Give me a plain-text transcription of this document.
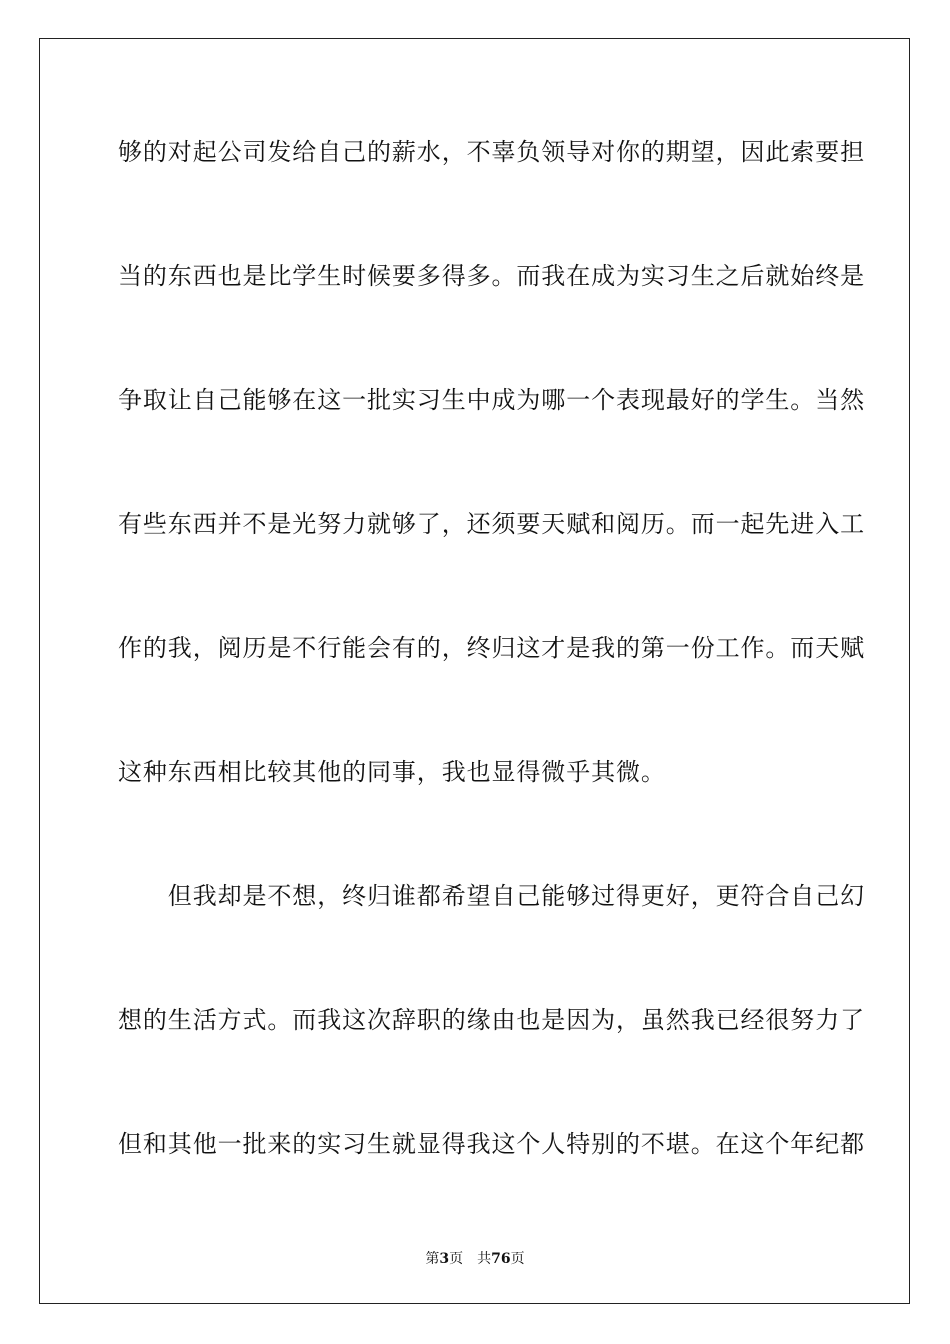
够的对起公司发给自己的薪水，不辜负领导对你的期望，因此索要担
当的东西也是比学生时候要多得多。而我在成为实习生之后就始终是
争取让自己能够在这一批实习生中成为哪一个表现最好的学生。当然
有些东西并不是光努力就够了，还须要天赋和阅历。而一起先进入工
作的我，阅历是不行能会有的，终归这才是我的第一份工作。而天赋
这种东西相比较其他的同事，我也显得微乎其微。
　　但我却是不想，终归谁都希望自己能够过得更好，更符合自己幻
想的生活方式。而我这次辞职的缘由也是因为，虽然我已经很努力了
但和其他一批来的实习生就显得我这个人特别的不堪。在这个年纪都
第3页 共76页
